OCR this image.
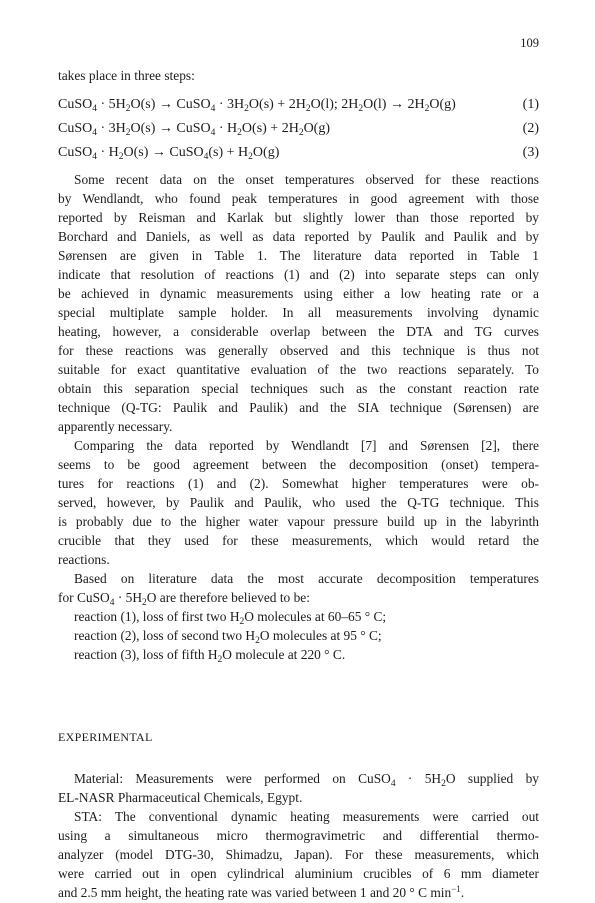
109
takes place in three steps:
CuSO$_4$ · $5H_2O(s)$ → CuSO$_4$ · $3H_2O(s) + 2H_2O(l)$; $2H_2O(l) \to 2H_2O(g)$	(1)
CuSO$_4$ · $3H_2O(s)$ → CuSO$_4$ · $H_2O(s) + 2H_2O(g)$	(2)
CuSO$_4$ · $H_2O(s)$ → CuSO$_4$(s) + $H_2O(g)$	(3)
Some recent data on the onset temperatures observed for these reactions
by Wendlandt, who found peak temperatures in good agreement with those
reported by Reisman and Karlak but slightly lower than those reported by
Borchard and Daniels, as well as data reported by Paulik and Paulik and by
Sørensen are given in Table 1. The literature data reported in Table 1
indicate that resolution of reactions (1) and (2) into separate steps can only
be achieved in dynamic measurements using either a low heating rate or a
special multiplate sample holder. In all measurements involving dynamic
heating, however, a considerable overlap between the DTA and TG curves
for these reactions was generally observed and this technique is thus not
suitable for exact quantitative evaluation of the two reactions separately. To
obtain this separation special techniques such as the constant reaction rate
technique (Q-TG: Paulik and Paulik) and the SIA technique (Sørensen) are
apparently necessary.
Comparing the data reported by Wendlandt [7] and Sørensen [2], there
seems to be good agreement between the decomposition (onset) tempera-
tures for reactions (1) and (2). Somewhat higher temperatures were ob-
served, however, by Paulik and Paulik, who used the Q-TG technique. This
is probably due to the higher water vapour pressure build up in the labyrinth
crucible that they used for these measurements, which would retard the
reactions.
Based on literature data the most accurate decomposition temperatures
for CuSO$_4$ · $5H_2O$ are therefore believed to be:
reaction (1), loss of first two $H_2O$ molecules at 60–65 ° C;
reaction (2), loss of second two $H_2O$ molecules at 95 ° C;
reaction (3), loss of fifth $H_2O$ molecule at 220 ° C.
EXPERIMENTAL
Material: Measurements were performed on CuSO$_4$ · $5H_2O$ supplied by
EL-NASR Pharmaceutical Chemicals, Egypt.
STA: The conventional dynamic heating measurements were carried out
using a simultaneous micro thermogravimetric and differential thermo-
analyzer (model DTG-30, Shimadzu, Japan). For these measurements, which
were carried out in open cylindrical aluminium crucibles of 6 mm diameter
and 2.5 mm height, the heating rate was varied between 1 and 20 ° C $\min^{-1}$.
